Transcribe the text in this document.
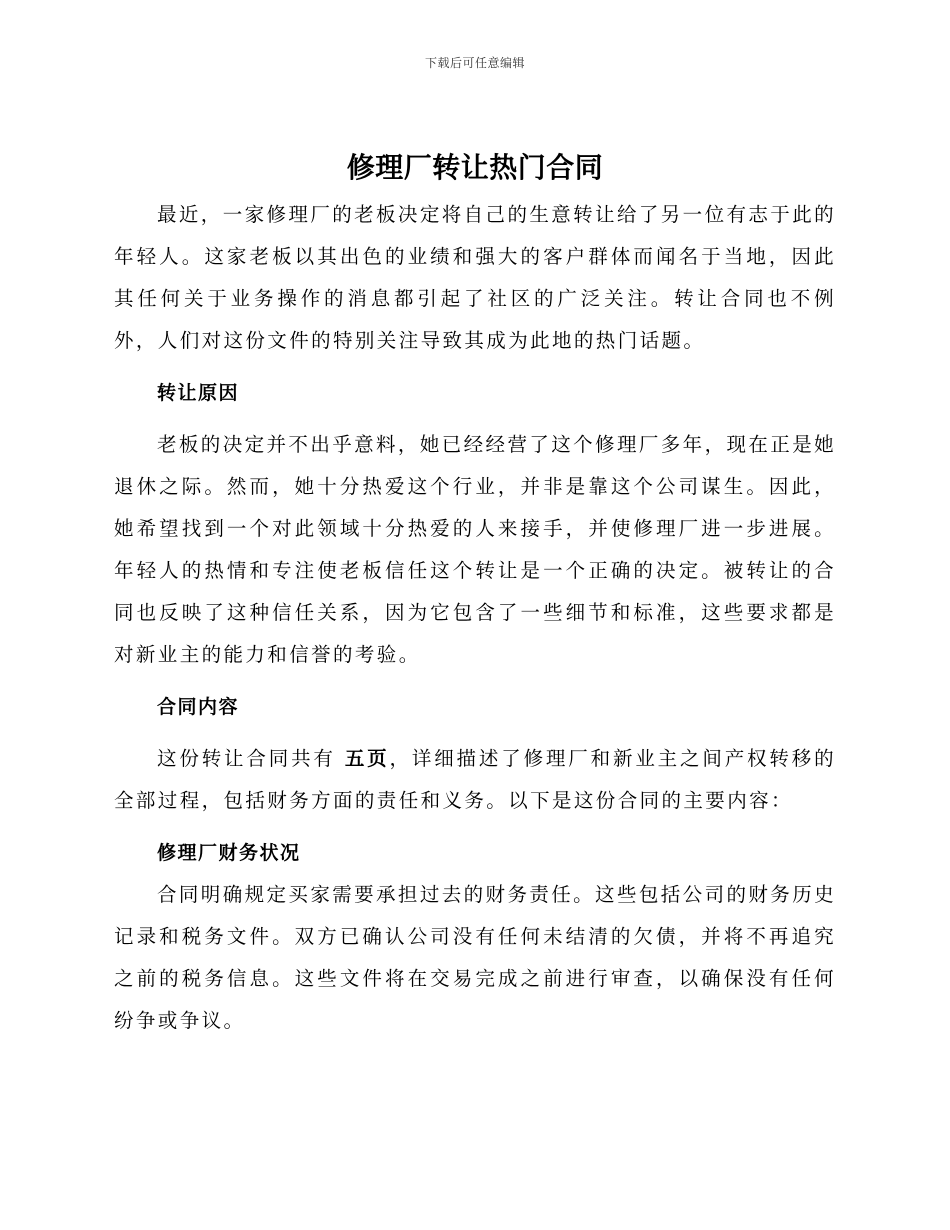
下载后可任意编辑
修理厂转让热门合同

最近，一家修理厂的老板决定将自己的生意转让给了另一位有志于此的年轻人。这家老板以其出色的业绩和强大的客户群体而闻名于当地，因此其任何关于业务操作的消息都引起了社区的广泛关注。转让合同也不例外，人们对这份文件的特别关注导致其成为此地的热门话题。

转让原因

老板的决定并不出乎意料，她已经经营了这个修理厂多年，现在正是她退休之际。然而，她十分热爱这个行业，并非是靠这个公司谋生。因此，她希望找到一个对此领域十分热爱的人来接手，并使修理厂进一步进展。年轻人的热情和专注使老板信任这个转让是一个正确的决定。被转让的合同也反映了这种信任关系，因为它包含了一些细节和标准，这些要求都是对新业主的能力和信誉的考验。

合同内容

这份转让合同共有 五页，详细描述了修理厂和新业主之间产权转移的全部过程，包括财务方面的责任和义务。以下是这份合同的主要内容：

修理厂财务状况

合同明确规定买家需要承担过去的财务责任。这些包括公司的财务历史记录和税务文件。双方已确认公司没有任何未结清的欠债，并将不再追究之前的税务信息。这些文件将在交易完成之前进行审查，以确保没有任何纷争或争议。
